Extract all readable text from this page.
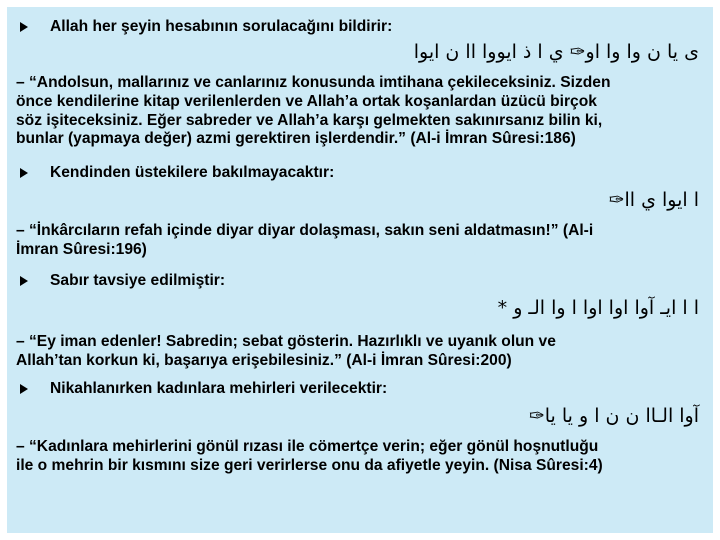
Allah her şeyin hesabının sorulacağını bildirir:
ى يا ن وا وا او✑ ي ا ذ ايووا اا ن ايوا
– “Andolsun, mallarınız ve canlarınız konusunda imtihana çekileceksiniz. Sizden
önce kendilerine kitap verilenlerden ve Allah’a ortak koşanlardan üzücü birçok
söz işiteceksiniz. Eğer sabreder ve Allah’a karşı gelmekten sakınırsanız bilin ki,
bunlar (yapmaya değer) azmi gerektiren işlerdendir.” (Al-i İmran Sûresi:186)
Kendinden üstekilere bakılmayacaktır:
ا ايوا ي اا✑
– “İnkârcıların refah içinde diyar diyar dolaşması, sakın seni aldatmasın!” (Al-i
İmran Sûresi:196)
Sabır tavsiye edilmiştir:
ا ا ايـ آوا اوا اوا ا وا الـ و *
– “Ey iman edenler! Sabredin; sebat gösterin. Hazırlıklı ve uyanık olun ve
Allah’tan korkun ki, başarıya erişebilesiniz.” (Al-i İmran Sûresi:200)
Nikahlanırken kadınlara mehirleri verilecektir:
آوا الـاا ن ن ا و يا يا✑
– “Kadınlara mehirlerini gönül rızası ile cömertçe verin; eğer gönül hoşnutluğu
ile o mehrin bir kısmını size geri verirlerse onu da afiyetle yeyin. (Nisa Sûresi:4)
